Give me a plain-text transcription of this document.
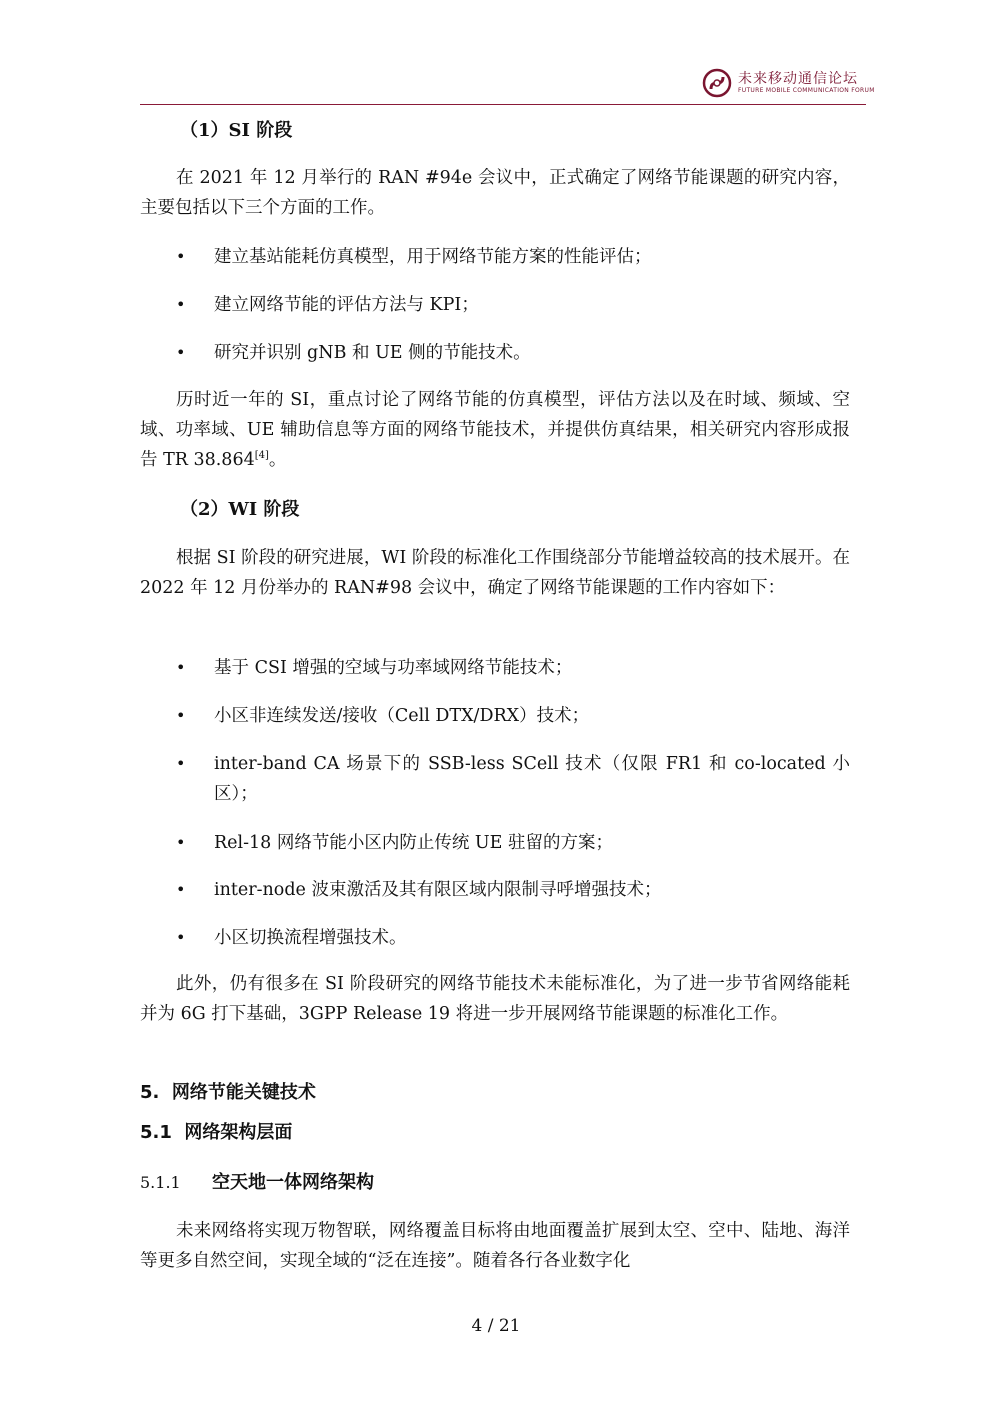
未来移动通信论坛
FUTURE MOBILE COMMUNICATION FORUM
（1）SI 阶段
在 2021 年 12 月举行的 RAN #94e 会议中，正式确定了网络节能课题的研究内容，主要包括以下三个方面的工作。
• 建立基站能耗仿真模型，用于网络节能方案的性能评估；
• 建立网络节能的评估方法与 KPI；
• 研究并识别 gNB 和 UE 侧的节能技术。
历时近一年的 SI，重点讨论了网络节能的仿真模型，评估方法以及在时域、频域、空域、功率域、UE 辅助信息等方面的网络节能技术，并提供仿真结果，相关研究内容形成报告 TR 38.864[4]。
（2）WI 阶段
根据 SI 阶段的研究进展，WI 阶段的标准化工作围绕部分节能增益较高的技术展开。在 2022 年 12 月份举办的 RAN#98 会议中，确定了网络节能课题的工作内容如下：
• 基于 CSI 增强的空域与功率域网络节能技术；
• 小区非连续发送/接收（Cell DTX/DRX）技术；
• inter-band CA 场景下的 SSB-less SCell 技术（仅限 FR1 和 co-located 小区）；
• Rel-18 网络节能小区内防止传统 UE 驻留的方案；
• inter-node 波束激活及其有限区域内限制寻呼增强技术；
• 小区切换流程增强技术。
此外，仍有很多在 SI 阶段研究的网络节能技术未能标准化，为了进一步节省网络能耗并为 6G 打下基础，3GPP Release 19 将进一步开展网络节能课题的标准化工作。
5.  网络节能关键技术
5.1  网络架构层面
5.1.1 空天地一体网络架构
未来网络将实现万物智联，网络覆盖目标将由地面覆盖扩展到太空、空中、陆地、海洋等更多自然空间，实现全域的“泛在连接”。随着各行各业数字化
4 / 21
